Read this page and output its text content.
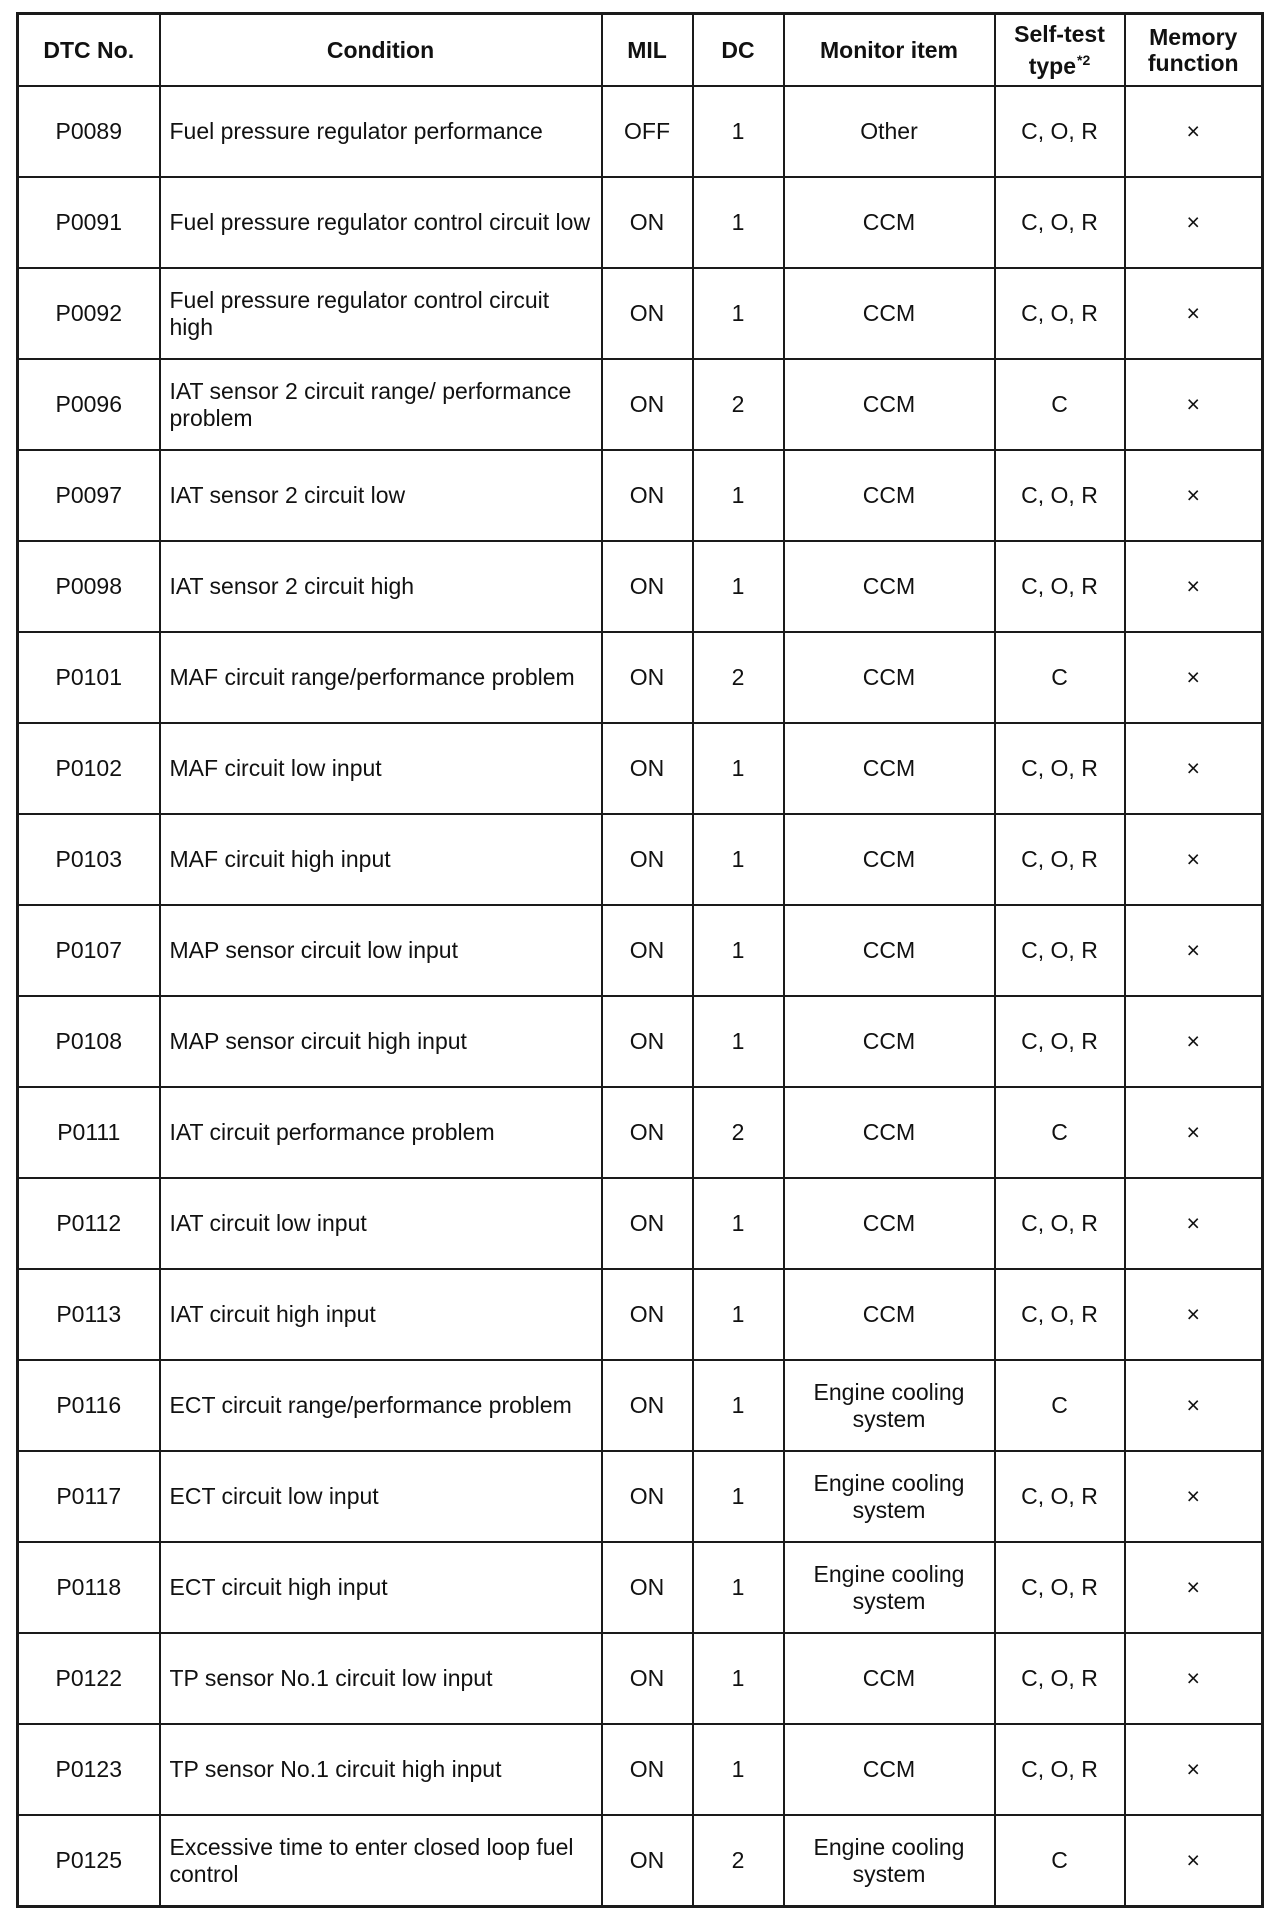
DTC No.	Condition	MIL	DC	Monitor item	Self-test type$^{*2}$	Memory function
P0089	Fuel pressure regulator performance	OFF	1	Other	C, O, R	×
P0091	Fuel pressure regulator control circuit low	ON	1	CCM	C, O, R	×
P0092	Fuel pressure regulator control circuit high	ON	1	CCM	C, O, R	×
P0096	IAT sensor 2 circuit range/ performance problem	ON	2	CCM	C	×
P0097	IAT sensor 2 circuit low	ON	1	CCM	C, O, R	×
P0098	IAT sensor 2 circuit high	ON	1	CCM	C, O, R	×
P0101	MAF circuit range/performance problem	ON	2	CCM	C	×
P0102	MAF circuit low input	ON	1	CCM	C, O, R	×
P0103	MAF circuit high input	ON	1	CCM	C, O, R	×
P0107	MAP sensor circuit low input	ON	1	CCM	C, O, R	×
P0108	MAP sensor circuit high input	ON	1	CCM	C, O, R	×
P0111	IAT circuit performance problem	ON	2	CCM	C	×
P0112	IAT circuit low input	ON	1	CCM	C, O, R	×
P0113	IAT circuit high input	ON	1	CCM	C, O, R	×
P0116	ECT circuit range/performance problem	ON	1	Engine cooling system	C	×
P0117	ECT circuit low input	ON	1	Engine cooling system	C, O, R	×
P0118	ECT circuit high input	ON	1	Engine cooling system	C, O, R	×
P0122	TP sensor No.1 circuit low input	ON	1	CCM	C, O, R	×
P0123	TP sensor No.1 circuit high input	ON	1	CCM	C, O, R	×
P0125	Excessive time to enter closed loop fuel control	ON	2	Engine cooling system	C	×
